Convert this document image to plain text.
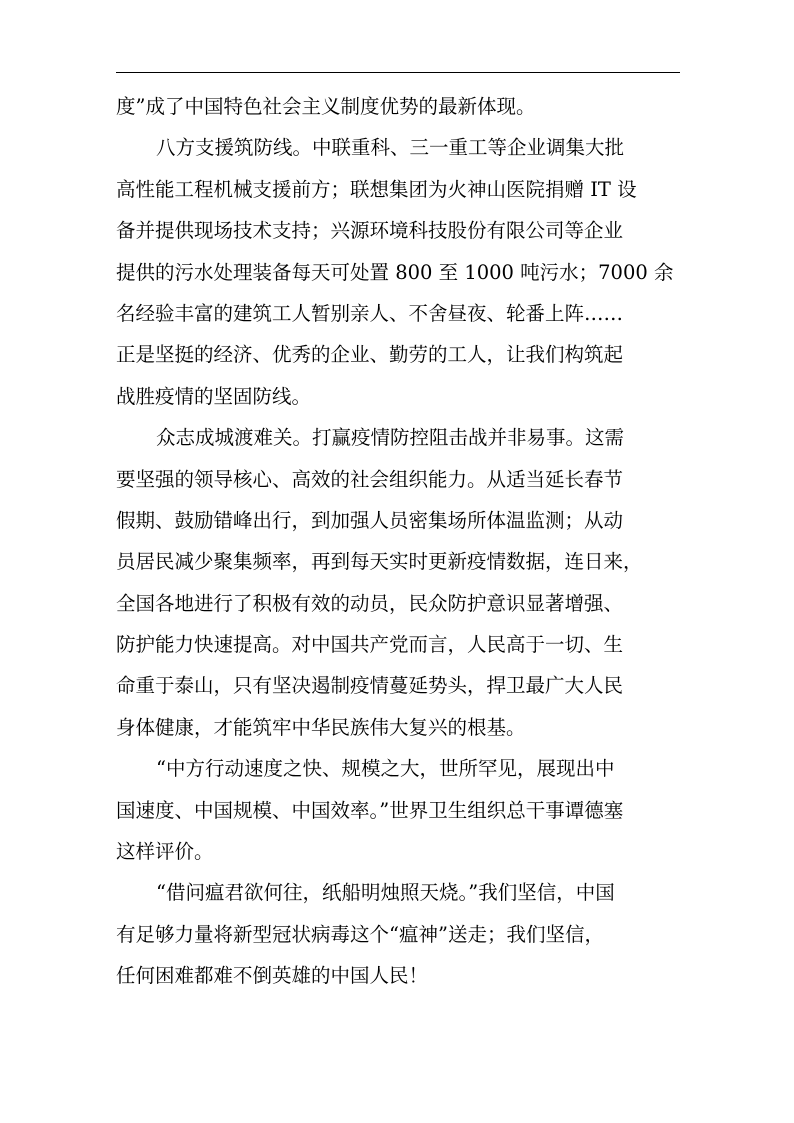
度”成了中国特色社会主义制度优势的最新体现。
八方支援筑防线。中联重科、三一重工等企业调集大批
高性能工程机械支援前方；联想集团为火神山医院捐赠 IT 设
备并提供现场技术支持；兴源环境科技股份有限公司等企业
提供的污水处理装备每天可处置 800 至 1000 吨污水；7000 余
名经验丰富的建筑工人暂别亲人、不舍昼夜、轮番上阵……
正是坚挺的经济、优秀的企业、勤劳的工人，让我们构筑起
战胜疫情的坚固防线。
众志成城渡难关。打赢疫情防控阻击战并非易事。这需
要坚强的领导核心、高效的社会组织能力。从适当延长春节
假期、鼓励错峰出行，到加强人员密集场所体温监测；从动
员居民减少聚集频率，再到每天实时更新疫情数据，连日来，
全国各地进行了积极有效的动员，民众防护意识显著增强、
防护能力快速提高。对中国共产党而言，人民高于一切、生
命重于泰山，只有坚决遏制疫情蔓延势头，捍卫最广大人民
身体健康，才能筑牢中华民族伟大复兴的根基。
“中方行动速度之快、规模之大，世所罕见，展现出中
国速度、中国规模、中国效率。”世界卫生组织总干事谭德塞
这样评价。
“借问瘟君欲何往，纸船明烛照天烧。”我们坚信，中国
有足够力量将新型冠状病毒这个“瘟神”送走；我们坚信，
任何困难都难不倒英雄的中国人民！
